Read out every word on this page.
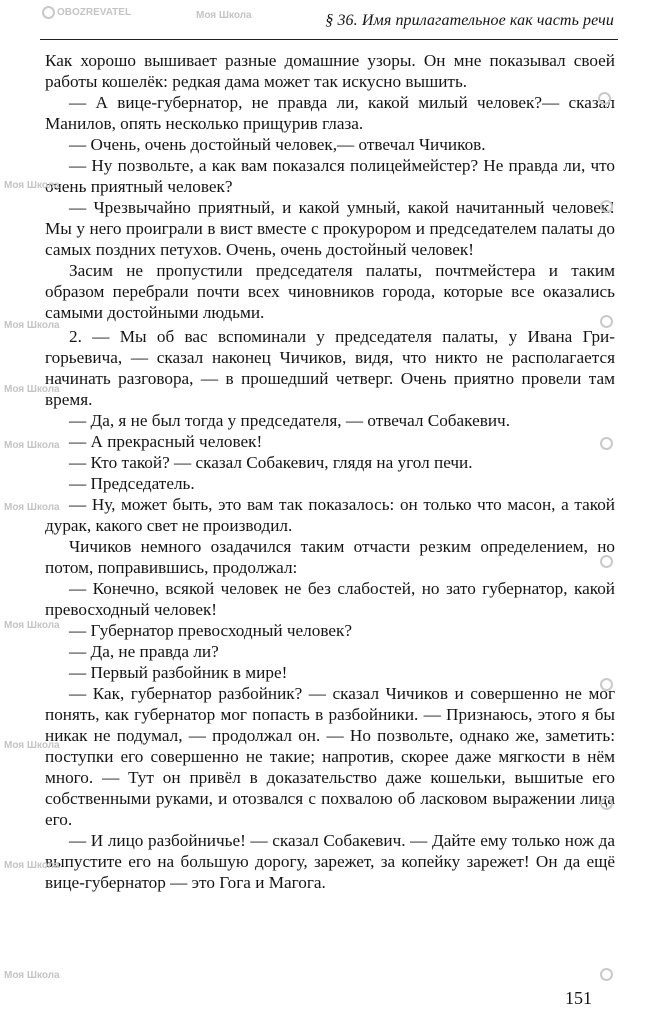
§ 36. Имя прилагательное как часть речи

Как хорошо вышивает разные домашние узоры. Он мне показывал своей работы кошелёк: редкая дама может так искусно вышить.

— А вице-губернатор, не правда ли, какой милый человек?— сказал Манилов, опять несколько прищурив глаза.

— Очень, очень достойный человек,— отвечал Чичиков.

— Ну позвольте, а как вам показался полицеймейстер? Не правда ли, что очень приятный человек?

— Чрезвычайно приятный, и какой умный, какой начитанный человек! Мы у него проиграли в вист вместе с прокурором и председателем палаты до самых поздних петухов. Очень, очень достойный человек!

Засим не пропустили председателя палаты, почтмейстера и таким образом перебрали почти всех чиновников города, которые все оказались самыми достойными людьми.

2. — Мы об вас вспоминали у председателя палаты, у Ивана Григорьевича, — сказал наконец Чичиков, видя, что никто не располагается начинать разговора, — в прошедший четверг. Очень приятно провели там время.

— Да, я не был тогда у председателя, — отвечал Собакевич.

— А прекрасный человек!

— Кто такой? — сказал Собакевич, глядя на угол печи.

— Председатель.

— Ну, может быть, это вам так показалось: он только что масон, а такой дурак, какого свет не производил.

Чичиков немного озадачился таким отчасти резким определением, но потом, поправившись, продолжал:

— Конечно, всякой человек не без слабостей, но зато губернатор, какой превосходный человек!

— Губернатор превосходный человек?

— Да, не правда ли?

— Первый разбойник в мире!

— Как, губернатор разбойник? — сказал Чичиков и совершенно не мог понять, как губернатор мог попасть в разбойники. — Признаюсь, этого я бы никак не подумал, — продолжал он. — Но позвольте, однако же, заметить: поступки его совершенно не такие; напротив, скорее даже мягкости в нём много. — Тут он привёл в доказательство даже кошельки, вышитые его собственными руками, и отозвался с похвалою об ласковом выражении лица его.

— И лицо разбойничье! — сказал Собакевич. — Дайте ему только нож да выпустите его на большую дорогу, зарежет, за копейку зарежет! Он да ещё вице-губернатор — это Гога и Магога.

151
OBOZREVATEL	Моя Школа
Моя Школа
Моя Школа
Моя Школа
Моя Школа
Моя Школа
Моя Школа
Моя Школа
Моя Школа
Моя Школа
